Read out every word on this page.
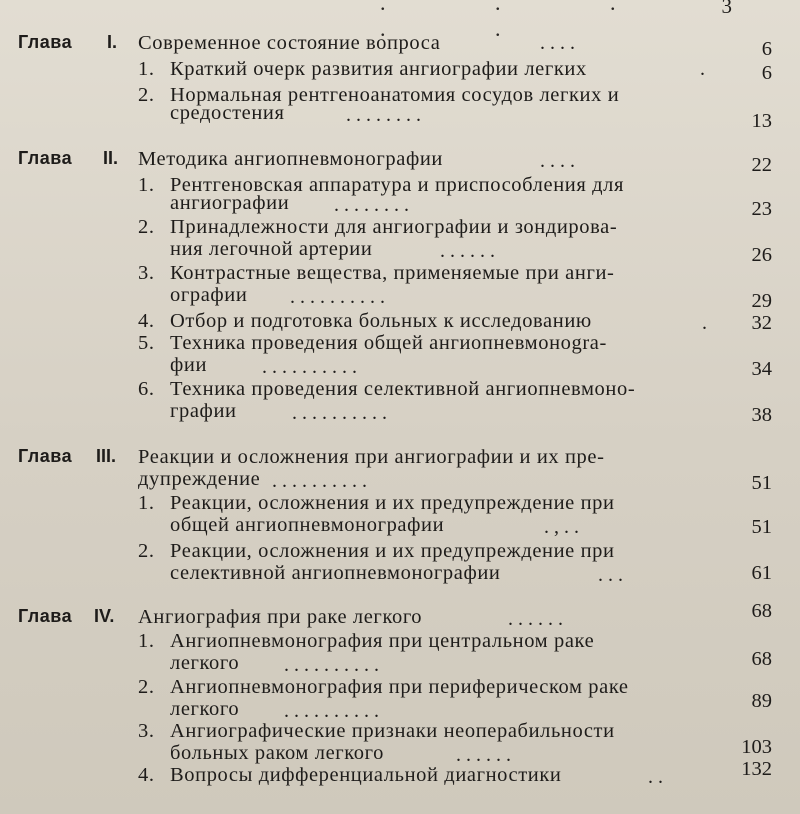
. . . . .
3
Глава I. Современное состояние вопроса	. . . .	6
1. Краткий очерк развития ангиографии легких	.	6
2. Нормальная рентгеноанатомия сосудов легких и
средостения	. . . . . . . .	13
Глава II. Методика ангиопневмонографии	. . . .	22
1. Рентгеновская аппаратура и приспособления для
ангиографии . . . . . . . .	23
2. Принадлежности для ангиографии и зондирова-
ния легочной артерии	. . . . . .	26
3. Контрастные вещества, применяемые при анги-
ографии . . . . . . . . . .	29
4. Отбор и подготовка больных к исследованию	. 32
5. Техника проведения общей ангиопневмонogra-
фии	. . . . . . . . . .	34
6. Техника проведения селективной ангиопневмоно-
графии	. . . . . . . . . .	38
Глава III. Реакции и осложнения при ангиографии и их пре-
дупреждение . . . . . . . . . .	51
1. Реакции, осложнения и их предупреждение при
общей ангиопневмонографии	. , . .	51
2. Реакции, осложнения и их предупреждение при
селективной ангиопневмонографии	. . .	61
Глава IV. Ангиография при раке легкого	. . . . . .	68
1. Ангиопневмонография при центральном раке
легкого . . . . . . . . . .	68
2. Ангиопневмонография при периферическом раке
легкого . . . . . . . . . .	89
3. Ангиографические признаки неоперабильности
больных раком легкого	. . . . . .	103
4. Вопросы дифференциальной диагностики	. .	132
